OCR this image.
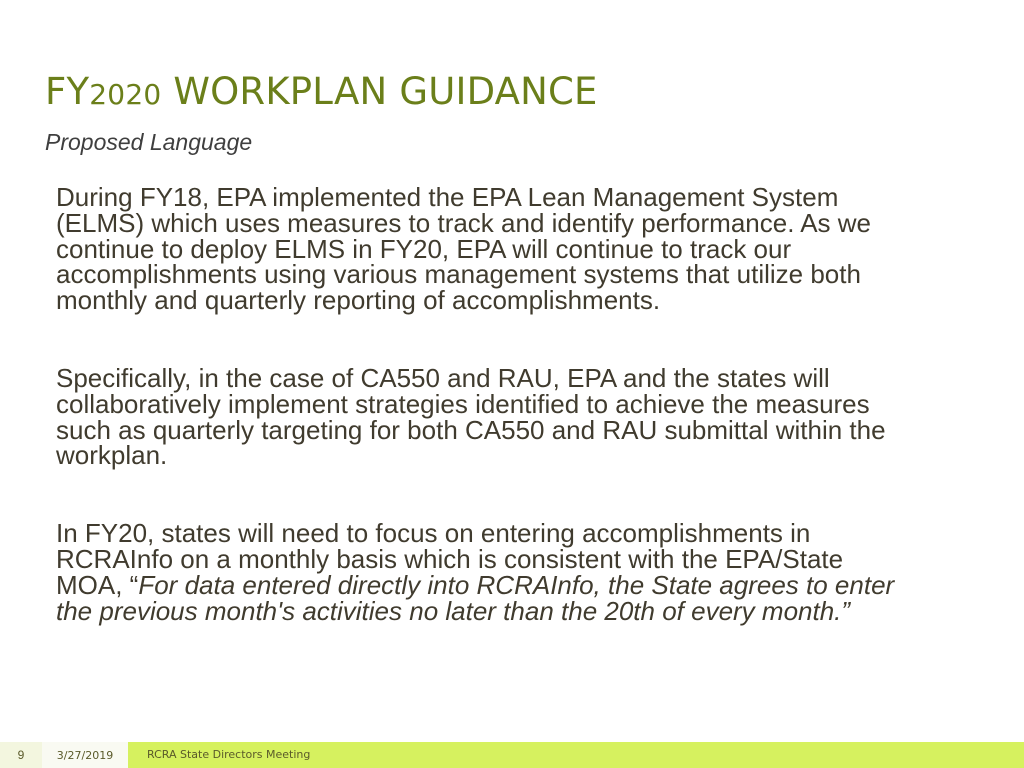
FY2020 WORKPLAN GUIDANCE
Proposed Language

During FY18, EPA implemented the EPA Lean Management System (ELMS) which uses measures to track and identify performance. As we continue to deploy ELMS in FY20, EPA will continue to track our accomplishments using various management systems that utilize both monthly and quarterly reporting of accomplishments.

Specifically, in the case of CA550 and RAU, EPA and the states will collaboratively implement strategies identified to achieve the measures such as quarterly targeting for both CA550 and RAU submittal within the workplan.

In FY20, states will need to focus on entering accomplishments in RCRAInfo on a monthly basis which is consistent with the EPA/State MOA, “For data entered directly into RCRAInfo, the State agrees to enter the previous month's activities no later than the 20th of every month.”

9	3/27/2019	RCRA State Directors Meeting
